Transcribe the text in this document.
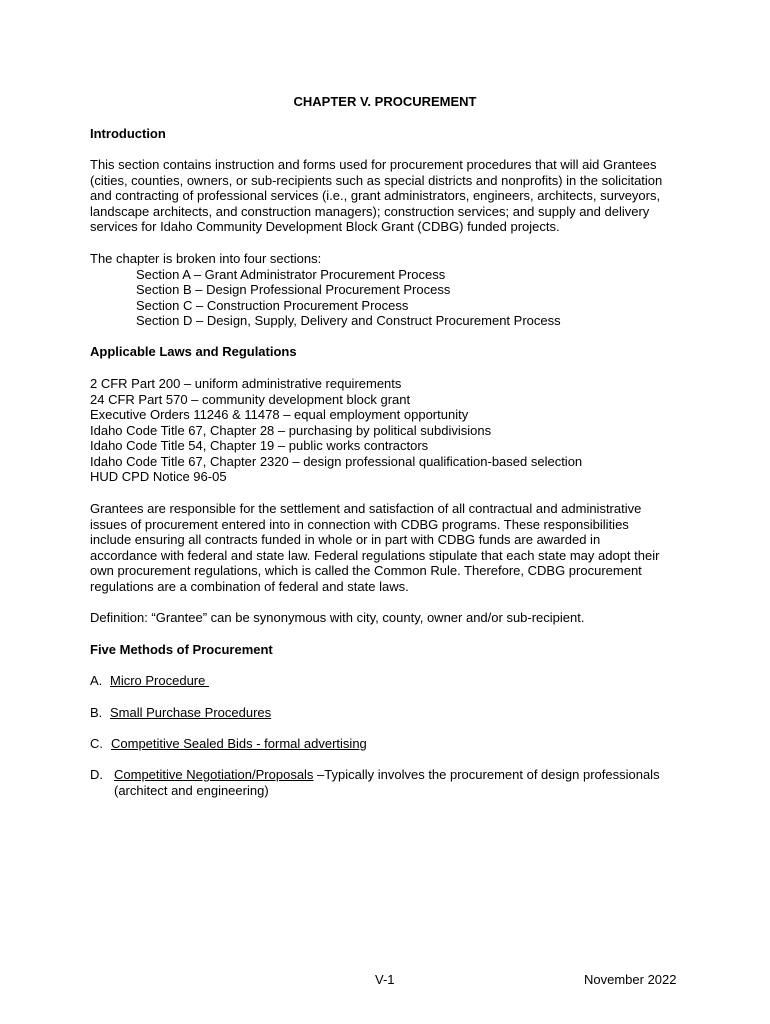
CHAPTER V. PROCUREMENT
Introduction
This section contains instruction and forms used for procurement procedures that will aid Grantees
(cities, counties, owners, or sub-recipients such as special districts and nonprofits) in the solicitation
and contracting of professional services (i.e., grant administrators, engineers, architects, surveyors,
landscape architects, and construction managers); construction services; and supply and delivery
services for Idaho Community Development Block Grant (CDBG) funded projects.
The chapter is broken into four sections:
Section A – Grant Administrator Procurement Process
Section B – Design Professional Procurement Process
Section C – Construction Procurement Process
Section D – Design, Supply, Delivery and Construct Procurement Process
Applicable Laws and Regulations
2 CFR Part 200 – uniform administrative requirements
24 CFR Part 570 – community development block grant
Executive Orders 11246 & 11478 – equal employment opportunity
Idaho Code Title 67, Chapter 28 – purchasing by political subdivisions
Idaho Code Title 54, Chapter 19 – public works contractors
Idaho Code Title 67, Chapter 2320 – design professional qualification-based selection
HUD CPD Notice 96-05
Grantees are responsible for the settlement and satisfaction of all contractual and administrative
issues of procurement entered into in connection with CDBG programs. These responsibilities
include ensuring all contracts funded in whole or in part with CDBG funds are awarded in
accordance with federal and state law. Federal regulations stipulate that each state may adopt their
own procurement regulations, which is called the Common Rule. Therefore, CDBG procurement
regulations are a combination of federal and state laws.
Definition: “Grantee” can be synonymous with city, county, owner and/or sub-recipient.
Five Methods of Procurement
A. Micro Procedure
B. Small Purchase Procedures
C. Competitive Sealed Bids - formal advertising
D. Competitive Negotiation/Proposals –Typically involves the procurement of design professionals
(architect and engineering)
V-1	November 2022
